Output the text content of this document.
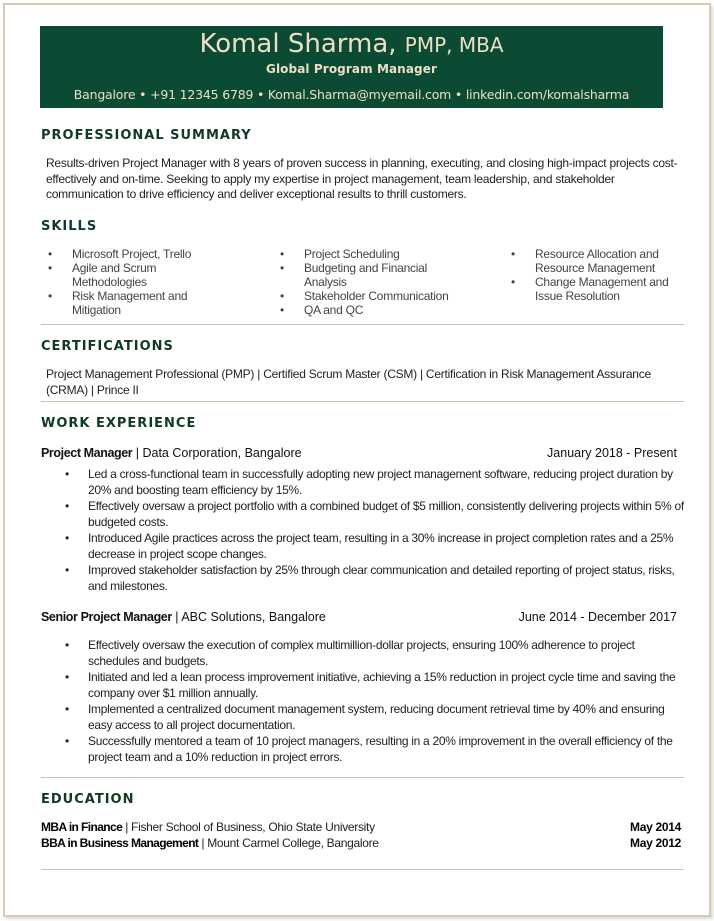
Komal Sharma, PMP, MBA
Global Program Manager
Bangalore • +91 12345 6789 • Komal.Sharma@myemail.com • linkedin.com/komalsharma
PROFESSIONAL SUMMARY
Results-driven Project Manager with 8 years of proven success in planning, executing, and closing high-impact projects cost-effectively and on-time. Seeking to apply my expertise in project management, team leadership, and stakeholder communication to drive efficiency and deliver exceptional results to thrill customers.
SKILLS
• Microsoft Project, Trello
• Agile and Scrum Methodologies
• Risk Management and Mitigation
• Project Scheduling
• Budgeting and Financial Analysis
• Stakeholder Communication
• QA and QC
• Resource Allocation and Resource Management
• Change Management and Issue Resolution
CERTIFICATIONS
Project Management Professional (PMP) | Certified Scrum Master (CSM) | Certification in Risk Management Assurance (CRMA) | Prince II
WORK EXPERIENCE
Project Manager | Data Corporation, Bangalore	January 2018 - Present
• Led a cross-functional team in successfully adopting new project management software, reducing project duration by 20% and boosting team efficiency by 15%.
• Effectively oversaw a project portfolio with a combined budget of $5 million, consistently delivering projects within 5% of budgeted costs.
• Introduced Agile practices across the project team, resulting in a 30% increase in project completion rates and a 25% decrease in project scope changes.
• Improved stakeholder satisfaction by 25% through clear communication and detailed reporting of project status, risks, and milestones.
Senior Project Manager | ABC Solutions, Bangalore	June 2014 - December 2017
• Effectively oversaw the execution of complex multimillion-dollar projects, ensuring 100% adherence to project schedules and budgets.
• Initiated and led a lean process improvement initiative, achieving a 15% reduction in project cycle time and saving the company over $1 million annually.
• Implemented a centralized document management system, reducing document retrieval time by 40% and ensuring easy access to all project documentation.
• Successfully mentored a team of 10 project managers, resulting in a 20% improvement in the overall efficiency of the project team and a 10% reduction in project errors.
EDUCATION
MBA in Finance | Fisher School of Business, Ohio State University	May 2014
BBA in Business Management | Mount Carmel College, Bangalore	May 2012
